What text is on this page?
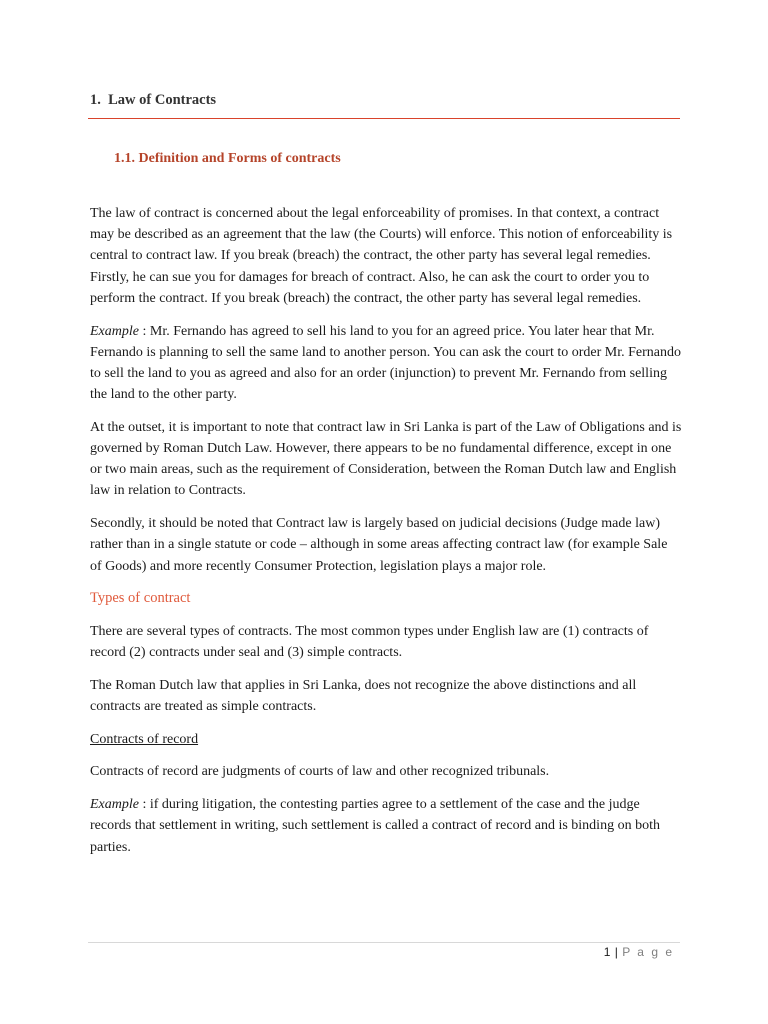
1. Law of Contracts
1.1. Definition and Forms of contracts

The law of contract is concerned about the legal enforceability of promises. In that context, a contract may be described as an agreement that the law (the Courts) will enforce. This notion of enforceability is central to contract law. If you break (breach) the contract, the other party has several legal remedies. Firstly, he can sue you for damages for breach of contract. Also, he can ask the court to order you to perform the contract. If you break (breach) the contract, the other party has several legal remedies.

Example : Mr. Fernando has agreed to sell his land to you for an agreed price. You later hear that Mr. Fernando is planning to sell the same land to another person. You can ask the court to order Mr. Fernando to sell the land to you as agreed and also for an order (injunction) to prevent Mr. Fernando from selling the land to the other party.

At the outset, it is important to note that contract law in Sri Lanka is part of the Law of Obligations and is governed by Roman Dutch Law. However, there appears to be no fundamental difference, except in one or two main areas, such as the requirement of Consideration, between the Roman Dutch law and English law in relation to Contracts.

Secondly, it should be noted that Contract law is largely based on judicial decisions (Judge made law) rather than in a single statute or code – although in some areas affecting contract law (for example Sale of Goods) and more recently Consumer Protection, legislation plays a major role.

Types of contract

There are several types of contracts. The most common types under English law are (1) contracts of record (2) contracts under seal and (3) simple contracts.

The Roman Dutch law that applies in Sri Lanka, does not recognize the above distinctions and all contracts are treated as simple contracts.

Contracts of record

Contracts of record are judgments of courts of law and other recognized tribunals.

Example : if during litigation, the contesting parties agree to a settlement of the case and the judge records that settlement in writing, such settlement is called a contract of record and is binding on both parties.

1 | P a g e
